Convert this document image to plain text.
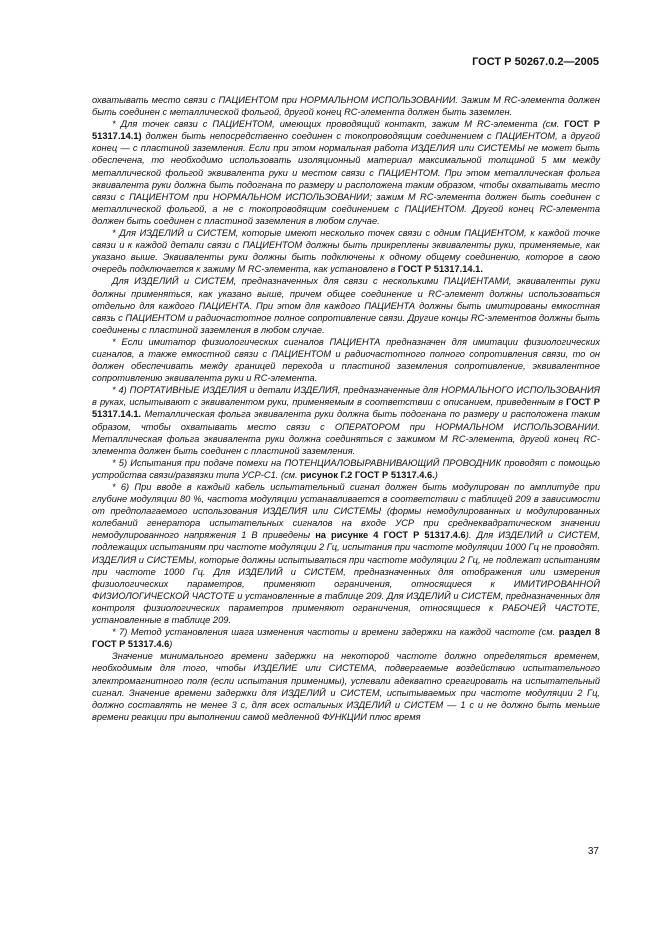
ГОСТ Р 50267.0.2—2005

охватывать место связи с ПАЦИЕНТОМ при НОРМАЛЬНОМ ИСПОЛЬЗОВАНИИ. Зажим М RC-элемента должен быть соединен с металлической фольгой, другой конец RC-элемента должен быть заземлен.

* Для точек связи с ПАЦИЕНТОМ, имеющих проводящий контакт, зажим М RC-элемента (см. ГОСТ Р 51317.14.1) должен быть непосредственно соединен с токопроводящим соединением с ПАЦИЕНТОМ, а другой конец — с пластиной заземления. Если при этом нормальная работа ИЗДЕЛИЯ или СИСТЕМЫ не может быть обеспечена, то необходимо использовать изоляционный материал максимальной толщиной 5 мм между металлической фольгой эквивалента руки и местом связи с ПАЦИЕНТОМ. При этом металлическая фольга эквивалента руки должна быть подогнана по размеру и расположена таким образом, чтобы охватывать место связи с ПАЦИЕНТОМ при НОРМАЛЬНОМ ИСПОЛЬЗОВАНИИ; зажим М RC-элемента должен быть соединен с металлической фольгой, а не с токопроводящим соединением с ПАЦИЕНТОМ. Другой конец RC-элемента должен быть соединен с пластиной заземления в любом случае.

* Для ИЗДЕЛИЙ и СИСТЕМ, которые имеют несколько точек связи с одним ПАЦИЕНТОМ, к каждой точке связи и к каждой детали связи с ПАЦИЕНТОМ должны быть прикреплены эквиваленты руки, применяемые, как указано выше. Эквиваленты руки должны быть подключены к одному общему соединению, которое в свою очередь подключается к зажиму М RC-элемента, как установлено в ГОСТ Р 51317.14.1.

Для ИЗДЕЛИЙ и СИСТЕМ, предназначенных для связи с несколькими ПАЦИЕНТАМИ, эквиваленты руки должны применяться, как указано выше, причем общее соединение и RC-элемент должны использоваться отдельно для каждого ПАЦИЕНТА. При этом для каждого ПАЦИЕНТА должны быть имитированы емкостная связь с ПАЦИЕНТОМ и радиочастотное полное сопротивление связи. Другие концы RC-элементов должны быть соединены с пластиной заземления в любом случае.

* Если имитатор физиологических сигналов ПАЦИЕНТА предназначен для имитации физиологических сигналов, а также емкостной связи с ПАЦИЕНТОМ и радиочастотного полного сопротивления связи, то он должен обеспечивать между границей перехода и пластиной заземления сопротивление, эквивалентное сопротивлению эквивалента руки и RC-элемента.

* 4) ПОРТАТИВНЫЕ ИЗДЕЛИЯ и детали ИЗДЕЛИЯ, предназначенные для НОРМАЛЬНОГО ИСПОЛЬЗОВАНИЯ в руках, испытывают с эквивалентом руки, применяемым в соответствии с описанием, приведенным в ГОСТ Р 51317.14.1. Металлическая фольга эквивалента руки должна быть подогнана по размеру и расположена таким образом, чтобы охватывать место связи с ОПЕРАТОРОМ при НОРМАЛЬНОМ ИСПОЛЬЗОВАНИИ. Металлическая фольга эквивалента руки должна соединяться с зажимом М RC-элемента, другой конец RC-элемента должен быть соединен с пластиной заземления.

* 5) Испытания при подаче помехи на ПОТЕНЦИАЛОВЫРАВНИВАЮЩИЙ ПРОВОДНИК проводят с помощью устройства связи/развязки типа УСР-С1. (см. рисунок Г.2 ГОСТ Р 51317.4.6.)

* 6) При вводе в каждый кабель испытательный сигнал должен быть модулирован по амплитуде при глубине модуляции 80 %, частота модуляции устанавливается в соответствии с таблицей 209 в зависимости от предполагаемого использования ИЗДЕЛИЯ или СИСТЕМЫ (формы немодулированных и модулированных колебаний генератора испытательных сигналов на входе УСР при среднеквадратическом значении немодулированного напряжения 1 В приведены на рисунке 4 ГОСТ Р 51317.4.6). Для ИЗДЕЛИЙ и СИСТЕМ, подлежащих испытаниям при частоте модуляции 2 Гц, испытания при частоте модуляции 1000 Гц не проводят. ИЗДЕЛИЯ и СИСТЕМЫ, которые должны испытываться при частоте модуляции 2 Гц, не подлежат испытаниям при частоте 1000 Гц. Для ИЗДЕЛИЙ и СИСТЕМ, предназначенных для отображения или измерения физиологических параметров, применяют ограничения, относящиеся к ИМИТИРОВАННОЙ ФИЗИОЛОГИЧЕСКОЙ ЧАСТОТЕ и установленные в таблице 209. Для ИЗДЕЛИЙ и СИСТЕМ, предназначенных для контроля физиологических параметров применяют ограничения, относящиеся к РАБОЧЕЙ ЧАСТОТЕ, установленные в таблице 209.

* 7) Метод установления шага изменения частоты и времени задержки на каждой частоте (см. раздел 8 ГОСТ Р 51317.4.6)

Значение минимального времени задержки на некоторой частоте должно определяться временем, необходимым для того, чтобы ИЗДЕЛИЕ или СИСТЕМА, подвергаемые воздействию испытательного электромагнитного поля (если испытания применимы), успевали адекватно среагировать на испытательный сигнал. Значение времени задержки для ИЗДЕЛИЙ и СИСТЕМ, испытываемых при частоте модуляции 2 Гц, должно составлять не менее 3 с, для всех остальных ИЗДЕЛИЙ и СИСТЕМ — 1 с и не должно быть меньше времени реакции при выполнении самой медленной ФУНКЦИИ плюс время

37
